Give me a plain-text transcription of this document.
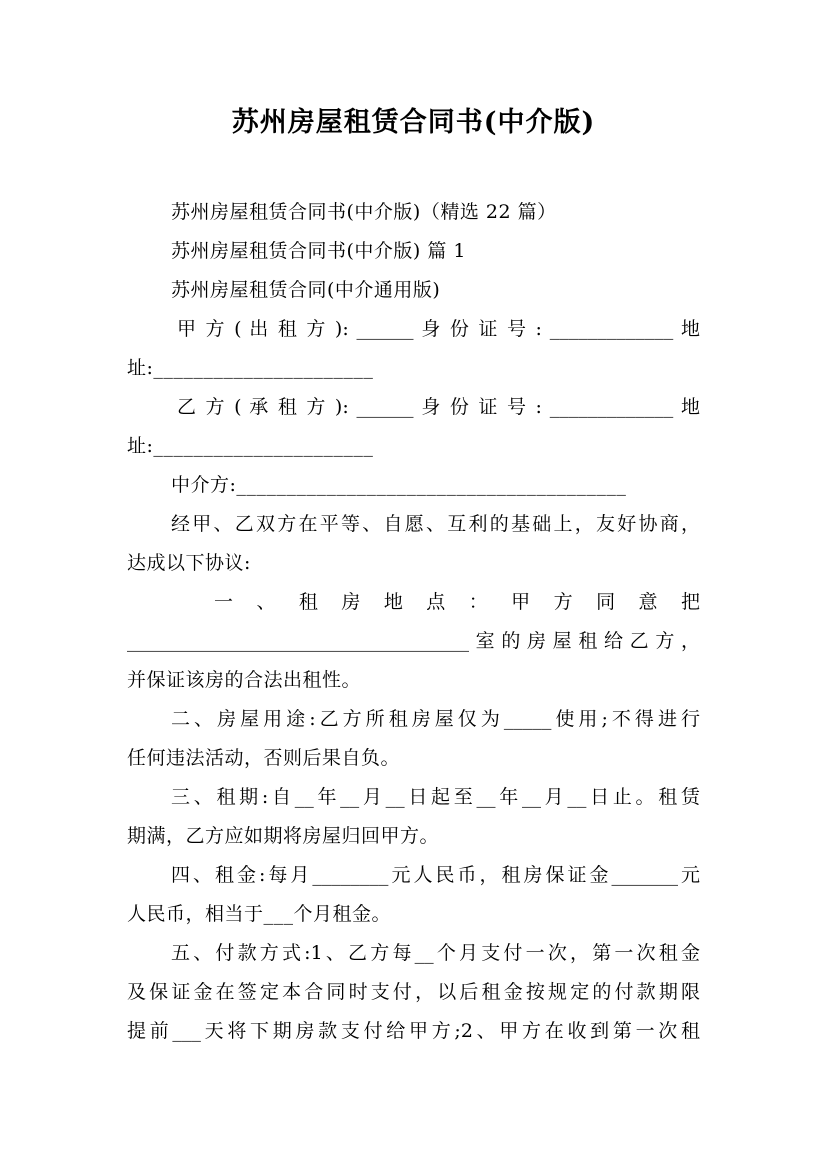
苏州房屋租赁合同书(中介版)
苏州房屋租赁合同书(中介版)（精选 22 篇）
苏州房屋租赁合同书(中介版) 篇 1
苏州房屋租赁合同(中介通用版)
甲 方 ( 出 租 方 ): ______ 身 份 证 号 : _____________ 地
址:______________________
乙 方 ( 承 租 方 ): ______ 身 份 证 号 : _____________ 地
址:______________________
中介方:_______________________________________
经甲、乙双方在平等、自愿、互利的基础上，友好协商，
达成以下协议:
一 、 租 房 地 点 ： 甲 方 同 意 把
____________________________________室的房屋租给乙方，
并保证该房的合法出租性。
二、房屋用途:乙方所租房屋仅为_____使用;不得进行
任何违法活动，否则后果自负。
三、租期:自__年__月__日起至__年__月__日止。租赁
期满，乙方应如期将房屋归回甲方。
四、租金:每月________元人民币，租房保证金_______元
人民币，相当于___个月租金。
五、付款方式:1、乙方每__个月支付一次，第一次租金
及保证金在签定本合同时支付，以后租金按规定的付款期限
提前___天将下期房款支付给甲方;2、甲方在收到第一次租
